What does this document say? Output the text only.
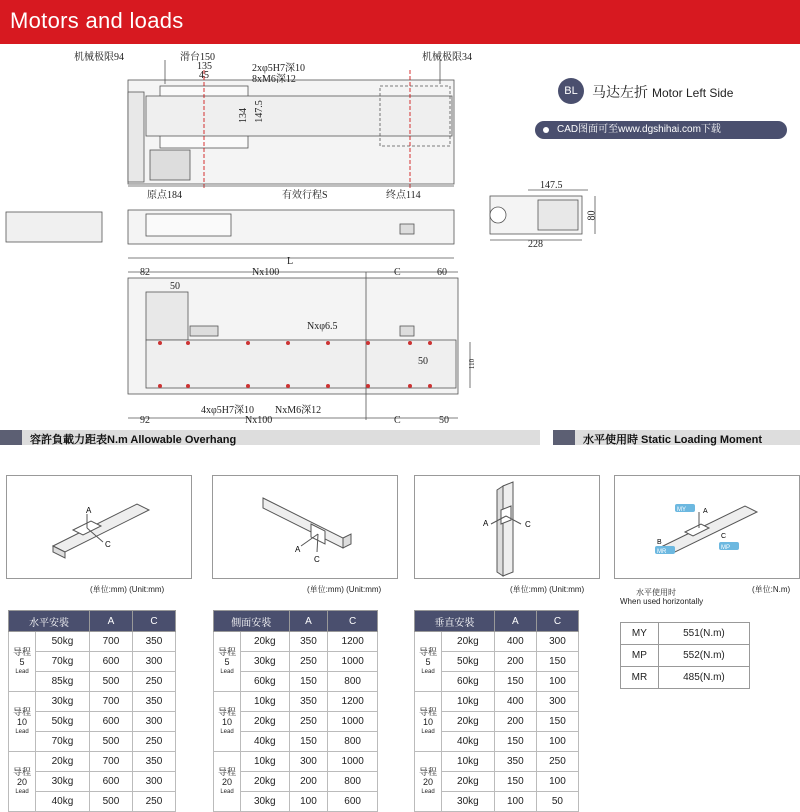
Motors and loads
机械极限94	滑台150
135
45
2xφ5H7深10
8xM6深12
机械极限34
134 147.5
原点184	有效行程S	终点114
147.5
80
228
L
82	Nx100	C	60
50
Nxφ6.5
50	110
4xφ5H7深10 NxM6深12
92	Nx100	C	50
BL	马达左折 Motor Left Side
CAD图面可至www.dgshihai.com下载
容許負載力距表N.m Allowable Overhang	水平使用時 Static Loading Moment
A
C
A
C
A	C
MY A
MR
B
MP
C
(单位:mm) (Unit:mm)	(单位:mm) (Unit:mm)	(单位:mm) (Unit:mm)	(单位:N.m)
水平使用时
When used horizontally
水平安裝		A	C

导程
5
Lead	50kg	700	350
	70kg	600	300
	85kg	500	250

导程
10
Lead	30kg	700	350
	50kg	600	300
	70kg	500	250

导程
20
Lead	20kg	700	350
	30kg	600	300
	40kg	500	250
側面安裝		A	C

导程
5
Lead	20kg	350	1200
	30kg	250	1000
	60kg	150	800

导程
10
Lead	10kg	350	1200
	20kg	250	1000
	40kg	150	800

导程
20
Lead	10kg	300	1000
	20kg	200	800
	30kg	100	600
垂直安裝		A	C

导程
5
Lead	20kg	400	300
	50kg	200	150
	60kg	150	100

导程
10
Lead	10kg	400	300
	20kg	200	150
	40kg	150	100

导程
20
Lead	10kg	350	250
	20kg	150	100
	30kg	100	50
MY	551(N.m)
MP	552(N.m)
MR	485(N.m)
